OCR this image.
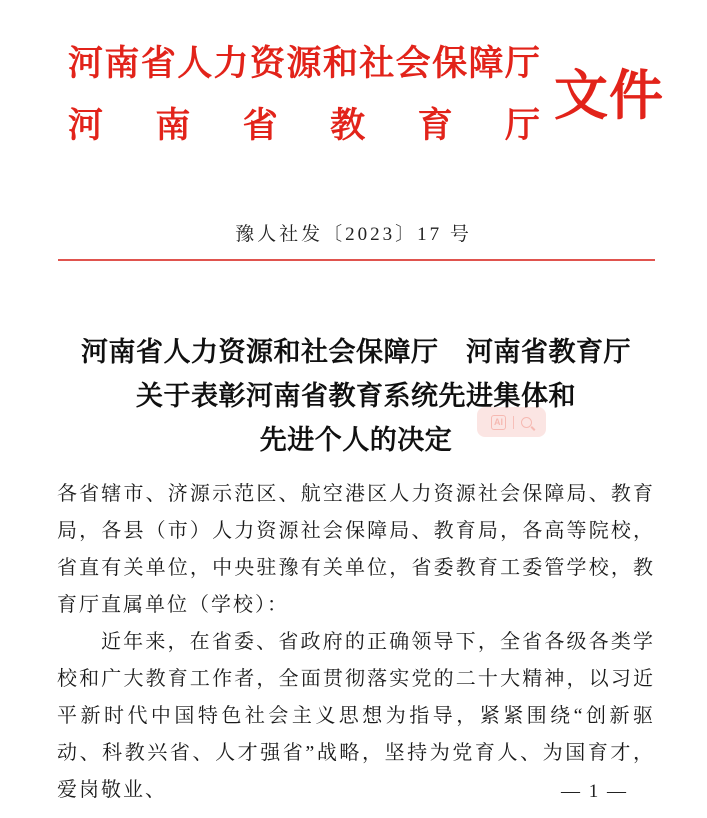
河 南 省 人 力 资 源 和 社 会 保 障 厅
河 南 省 教 育 厅 文件
豫人社发〔2023〕17 号
河南省人力资源和社会保障厅　河南省教育厅
关于表彰河南省教育系统先进集体和
先进个人的决定
AI

各省辖市、济源示范区、航空港区人力资源社会保障局、教育局，各县（市）人力资源社会保障局、教育局，各高等院校，省直有关单位，中央驻豫有关单位，省委教育工委管学校，教育厅直属单位（学校）：

近年来，在省委、省政府的正确领导下，全省各级各类学校和广大教育工作者，全面贯彻落实党的二十大精神，以习近平新时代中国特色社会主义思想为指导，紧紧围绕“创新驱动、科教兴省、人才强省”战略，坚持为党育人、为国育才，爱岗敬业、	— 1 —
